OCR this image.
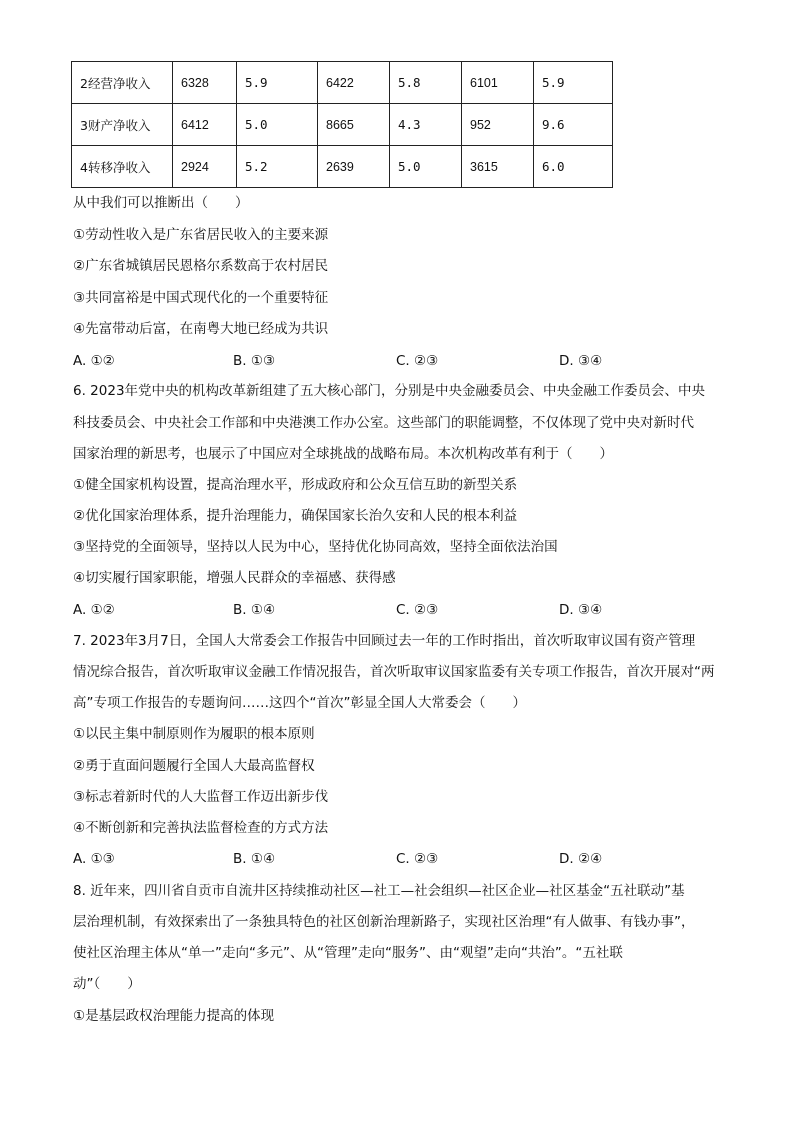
2经营净收入	6328	5.9	6422	5.8	6101	5.9
3财产净收入	6412	5.0	8665	4.3	952	9.6
4转移净收入	2924	5.2	2639	5.0	3615	6.0
从中我们可以推断出（　　）
①劳动性收入是广东省居民收入的主要来源
②广东省城镇居民恩格尔系数高于农村居民
③共同富裕是中国式现代化的一个重要特征
④先富带动后富，在南粤大地已经成为共识
A. ①②	B. ①③	C. ②③	D. ③④
6. 2023年党中央的机构改革新组建了五大核心部门，分别是中央金融委员会、中央金融工作委员会、中央
科技委员会、中央社会工作部和中央港澳工作办公室。这些部门的职能调整，不仅体现了党中央对新时代
国家治理的新思考，也展示了中国应对全球挑战的战略布局。本次机构改革有利于（　　）
①健全国家机构设置，提高治理水平，形成政府和公众互信互助的新型关系
②优化国家治理体系，提升治理能力，确保国家长治久安和人民的根本利益
③坚持党的全面领导，坚持以人民为中心，坚持优化协同高效，坚持全面依法治国
④切实履行国家职能，增强人民群众的幸福感、获得感
A. ①②	B. ①④	C. ②③	D. ③④
7. 2023年3月7日，全国人大常委会工作报告中回顾过去一年的工作时指出，首次听取审议国有资产管理
情况综合报告，首次听取审议金融工作情况报告，首次听取审议国家监委有关专项工作报告，首次开展对“两
高”专项工作报告的专题询问……这四个“首次”彰显全国人大常委会（　　）
①以民主集中制原则作为履职的根本原则
②勇于直面问题履行全国人大最高监督权
③标志着新时代的人大监督工作迈出新步伐
④不断创新和完善执法监督检查的方式方法
A. ①③	B. ①④	C. ②③	D. ②④
8. 近年来，四川省自贡市自流井区持续推动社区—社工—社会组织—社区企业—社区基金“五社联动”基
层治理机制，有效探索出了一条独具特色的社区创新治理新路子，实现社区治理“有人做事、有钱办事”，
使社区治理主体从“单一”走向“多元”、从“管理”走向“服务”、由“观望”走向“共治”。“五社联
动”（　　）
①是基层政权治理能力提高的体现
